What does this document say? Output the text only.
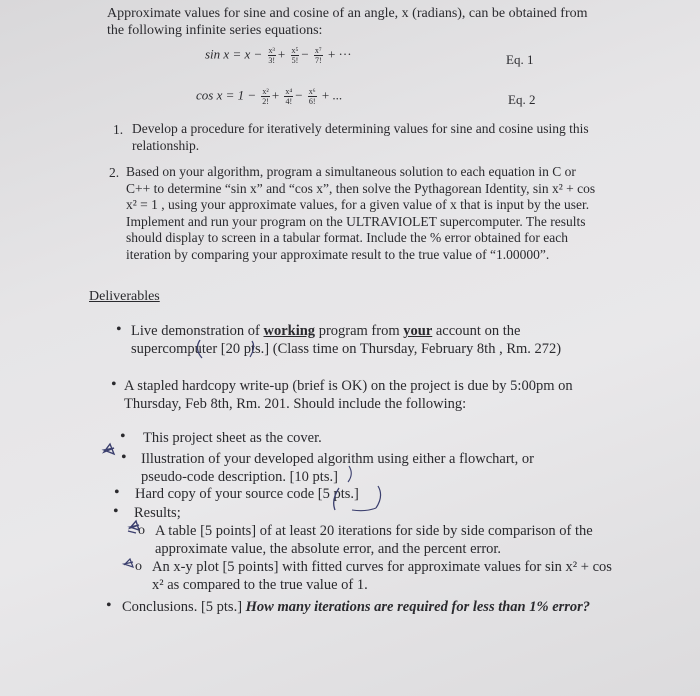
Approximate values for sine and cosine of an angle, x (radians), can be obtained from the following infinite series equations:
$\sin x = x - \frac{\text{x³}}{3!} + \frac{\text{x⁵}}{5!} - \frac{\text{x⁷}}{7!}$ + ···	Eq. 1
$\cos x = 1 - \frac{\text{x²}}{2!} + \frac{\text{x⁴}}{4!} - \frac{\text{x⁶}}{6!}$ + ...	Eq. 2
1. Develop a procedure for iteratively determining values for sine and cosine using this relationship.
2. Based on your algorithm, program a simultaneous solution to each equation in C or C++ to determine “sin x” and “cos x”, then solve the Pythagorean Identity, sin x² + cos x² = 1 , using your approximate values, for a given value of x that is input by the user. Implement and run your program on the ULTRAVIOLET supercomputer. The results should display to screen in a tabular format. Include the % error obtained for each iteration by comparing your approximate result to the true value of “1.00000”.
Deliverables
• Live demonstration of working program from your account on the supercomputer [20 pts.] (Class time on Thursday, February 8th , Rm. 272)
• A stapled hardcopy write-up (brief is OK) on the project is due by 5:00pm on Thursday, Feb 8th, Rm. 201. Should include the following:
• This project sheet as the cover.
• Illustration of your developed algorithm using either a flowchart, or pseudo-code description. [10 pts.]
• Hard copy of your source code [5 pts.]
• Results;
o A table [5 points] of at least 20 iterations for side by side comparison of the approximate value, the absolute error, and the percent error.
o An x-y plot [5 points] with fitted curves for approximate values for sin x² + cos x² as compared to the true value of 1.
• Conclusions. [5 pts.] How many iterations are required for less than 1% error?
